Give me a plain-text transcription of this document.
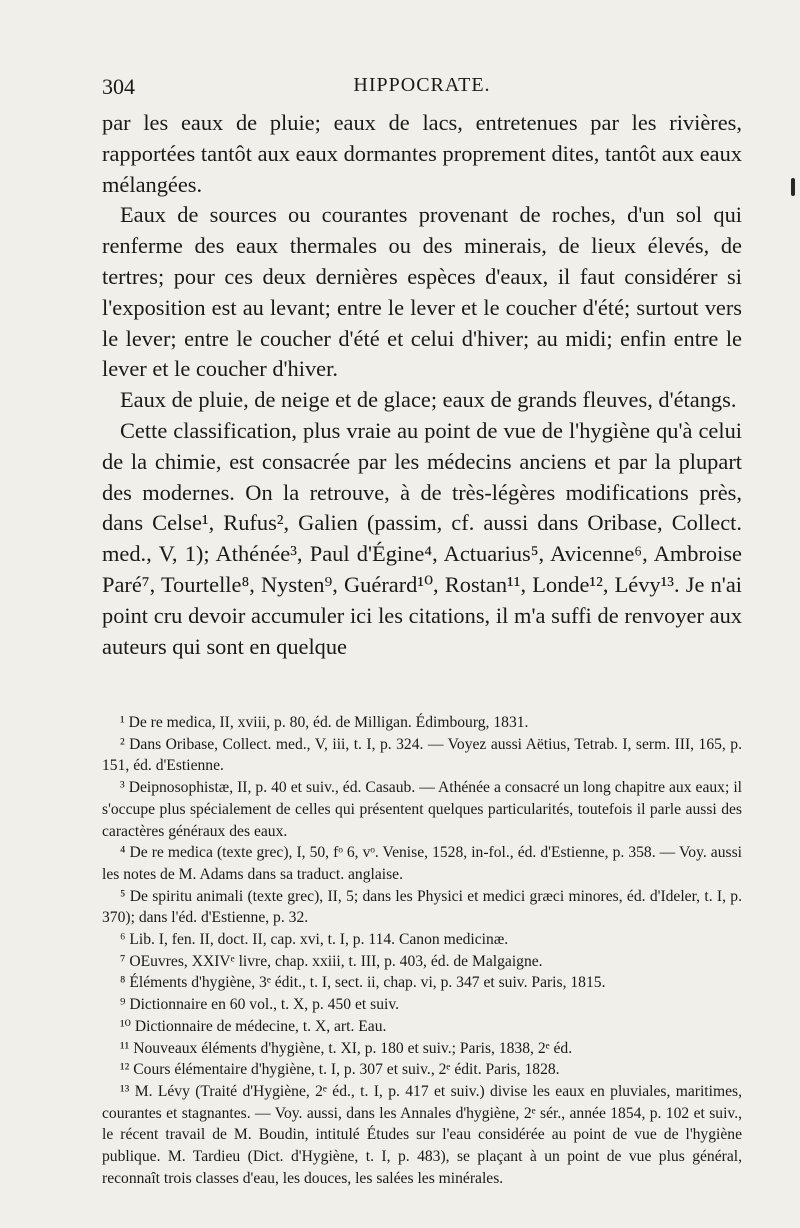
304	HIPPOCRATE.

par les eaux de pluie; eaux de lacs, entretenues par les rivières, rapportées tantôt aux eaux dormantes proprement dites, tantôt aux eaux mélangées.

Eaux de sources ou courantes provenant de roches, d'un sol qui renferme des eaux thermales ou des minerais, de lieux élevés, de tertres; pour ces deux dernières espèces d'eaux, il faut considérer si l'exposition est au levant; entre le lever et le coucher d'été; surtout vers le lever; entre le coucher d'été et celui d'hiver; au midi; enfin entre le lever et le coucher d'hiver.

Eaux de pluie, de neige et de glace; eaux de grands fleuves, d'étangs.

Cette classification, plus vraie au point de vue de l'hygiène qu'à celui de la chimie, est consacrée par les médecins anciens et par la plupart des modernes. On la retrouve, à de très-légères modifications près, dans Celse¹, Rufus², Galien (passim, cf. aussi dans Oribase, Collect. med., V, 1); Athénée³, Paul d'Égine⁴, Actuarius⁵, Avicenne⁶, Ambroise Paré⁷, Tourtelle⁸, Nysten⁹, Guérard¹⁰, Rostan¹¹, Londe¹², Lévy¹³. Je n'ai point cru devoir accumuler ici les citations, il m'a suffi de renvoyer aux auteurs qui sont en quelque

¹ De re medica, II, xviii, p. 80, éd. de Milligan. Édimbourg, 1831.

² Dans Oribase, Collect. med., V, iii, t. I, p. 324. — Voyez aussi Aëtius, Tetrab. I, serm. III, 165, p. 151, éd. d'Estienne.

³ Deipnosophistæ, II, p. 40 et suiv., éd. Casaub. — Athénée a consacré un long chapitre aux eaux; il s'occupe plus spécialement de celles qui présentent quelques particularités, toutefois il parle aussi des caractères généraux des eaux.

⁴ De re medica (texte grec), I, 50, fᵒ 6, vᵒ. Venise, 1528, in-fol., éd. d'Estienne, p. 358. — Voy. aussi les notes de M. Adams dans sa traduct. anglaise.

⁵ De spiritu animali (texte grec), II, 5; dans les Physici et medici græci minores, éd. d'Ideler, t. I, p. 370); dans l'éd. d'Estienne, p. 32.

⁶ Lib. I, fen. II, doct. II, cap. xvi, t. I, p. 114. Canon medicinæ.

⁷ OEuvres, XXIVᵉ livre, chap. xxiii, t. III, p. 403, éd. de Malgaigne.

⁸ Éléments d'hygiène, 3ᵉ édit., t. I, sect. ii, chap. vi, p. 347 et suiv. Paris, 1815.

⁹ Dictionnaire en 60 vol., t. X, p. 450 et suiv.

¹⁰ Dictionnaire de médecine, t. X, art. Eau.

¹¹ Nouveaux éléments d'hygiène, t. XI, p. 180 et suiv.; Paris, 1838, 2ᵉ éd.

¹² Cours élémentaire d'hygiène, t. I, p. 307 et suiv., 2ᵉ édit. Paris, 1828.

¹³ M. Lévy (Traité d'Hygiène, 2ᵉ éd., t. I, p. 417 et suiv.) divise les eaux en pluviales, maritimes, courantes et stagnantes. — Voy. aussi, dans les Annales d'hygiène, 2ᵉ sér., année 1854, p. 102 et suiv., le récent travail de M. Boudin, intitulé Études sur l'eau considérée au point de vue de l'hygiène publique. M. Tardieu (Dict. d'Hygiène, t. I, p. 483), se plaçant à un point de vue plus général, reconnaît trois classes d'eau, les douces, les salées les minérales.
